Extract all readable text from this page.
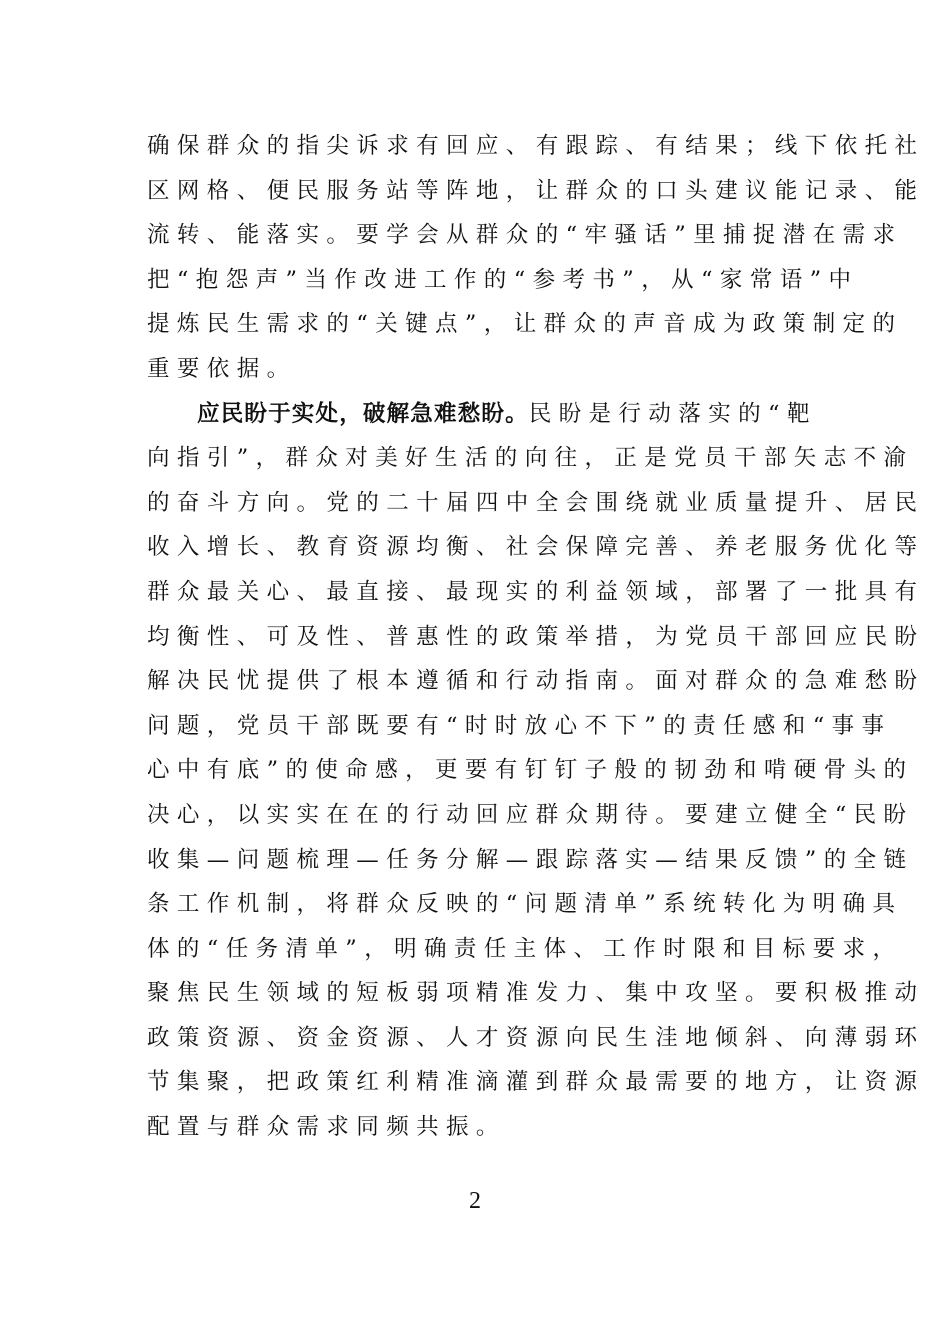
确保群众的指尖诉求有回应、有跟踪、有结果；线下依托社
区网格、便民服务站等阵地，让群众的口头建议能记录、能
流转、能落实。要学会从群众的“牢骚话”里捕捉潜在需求
把“抱怨声”当作改进工作的“参考书”，从“家常语”中
提炼民生需求的“关键点”，让群众的声音成为政策制定的
重要依据。
应民盼于实处，破解急难愁盼。民盼是行动落实的“靶
向指引”，群众对美好生活的向往，正是党员干部矢志不渝
的奋斗方向。党的二十届四中全会围绕就业质量提升、居民
收入增长、教育资源均衡、社会保障完善、养老服务优化等
群众最关心、最直接、最现实的利益领域，部署了一批具有
均衡性、可及性、普惠性的政策举措，为党员干部回应民盼
解决民忧提供了根本遵循和行动指南。面对群众的急难愁盼
问题，党员干部既要有“时时放心不下”的责任感和“事事
心中有底”的使命感，更要有钉钉子般的韧劲和啃硬骨头的
决心，以实实在在的行动回应群众期待。要建立健全“民盼
收集—问题梳理—任务分解—跟踪落实—结果反馈”的全链
条工作机制，将群众反映的“问题清单”系统转化为明确具
体的“任务清单”，明确责任主体、工作时限和目标要求，
聚焦民生领域的短板弱项精准发力、集中攻坚。要积极推动
政策资源、资金资源、人才资源向民生洼地倾斜、向薄弱环
节集聚，把政策红利精准滴灌到群众最需要的地方，让资源
配置与群众需求同频共振。
2
